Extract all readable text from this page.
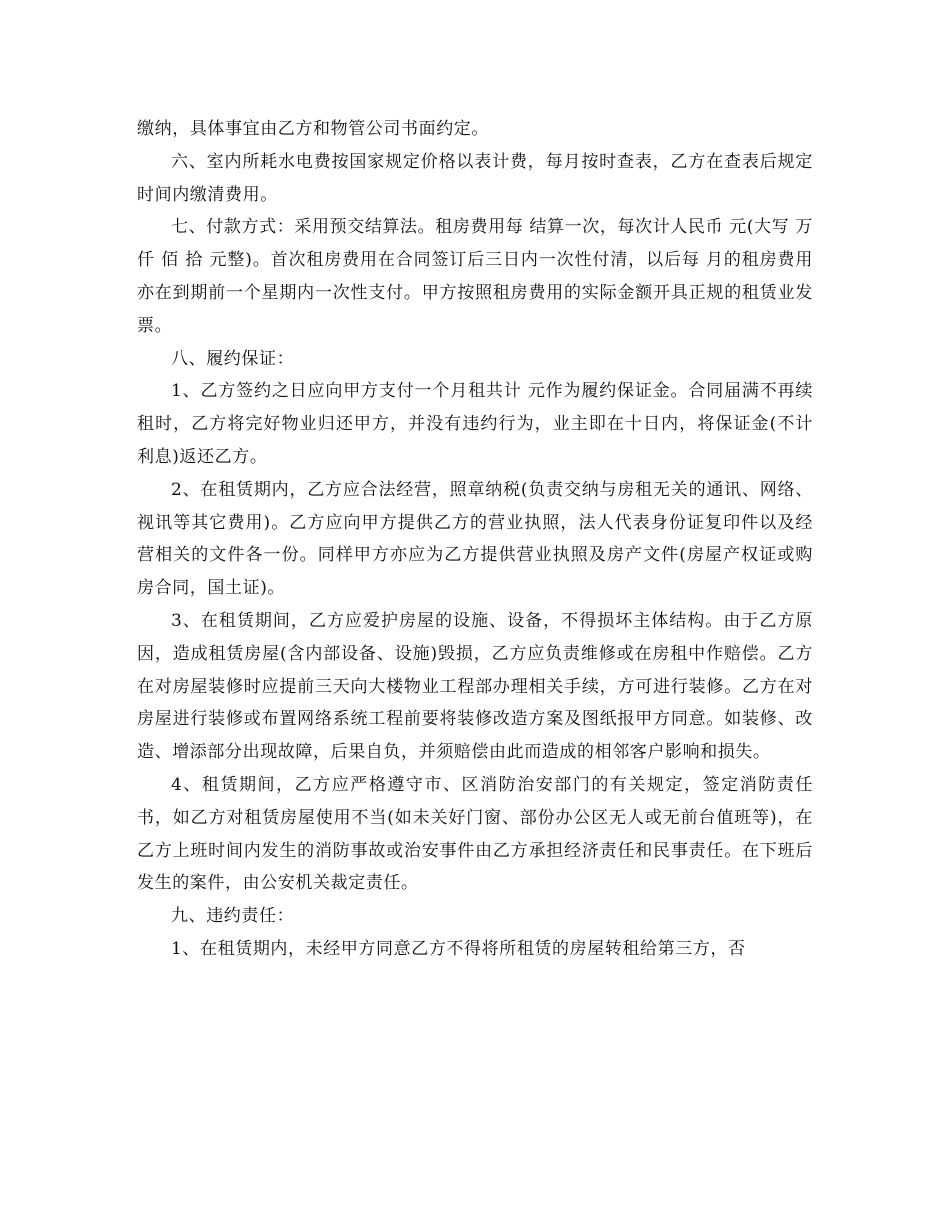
缴纳，具体事宜由乙方和物管公司书面约定。

六、室内所耗水电费按国家规定价格以表计费，每月按时查表，乙方在查表后规定时间内缴清费用。

七、付款方式：采用预交结算法。租房费用每 结算一次，每次计人民币 元(大写 万 仟 佰 拾 元整)。首次租房费用在合同签订后三日内一次性付清，以后每 月的租房费用亦在到期前一个星期内一次性支付。甲方按照租房费用的实际金额开具正规的租赁业发票。

八、履约保证：

1、乙方签约之日应向甲方支付一个月租共计 元作为履约保证金。合同届满不再续租时，乙方将完好物业归还甲方，并没有违约行为，业主即在十日内，将保证金(不计利息)返还乙方。

2、在租赁期内，乙方应合法经营，照章纳税(负责交纳与房租无关的通讯、网络、视讯等其它费用)。乙方应向甲方提供乙方的营业执照，法人代表身份证复印件以及经营相关的文件各一份。同样甲方亦应为乙方提供营业执照及房产文件(房屋产权证或购房合同，国土证)。

3、在租赁期间，乙方应爱护房屋的设施、设备，不得损坏主体结构。由于乙方原因，造成租赁房屋(含内部设备、设施)毁损，乙方应负责维修或在房租中作赔偿。乙方在对房屋装修时应提前三天向大楼物业工程部办理相关手续，方可进行装修。乙方在对房屋进行装修或布置网络系统工程前要将装修改造方案及图纸报甲方同意。如装修、改造、增添部分出现故障，后果自负，并须赔偿由此而造成的相邻客户影响和损失。

4、租赁期间，乙方应严格遵守市、区消防治安部门的有关规定，签定消防责任书，如乙方对租赁房屋使用不当(如未关好门窗、部份办公区无人或无前台值班等)，在乙方上班时间内发生的消防事故或治安事件由乙方承担经济责任和民事责任。在下班后发生的案件，由公安机关裁定责任。

九、违约责任：

1、在租赁期内，未经甲方同意乙方不得将所租赁的房屋转租给第三方，否
